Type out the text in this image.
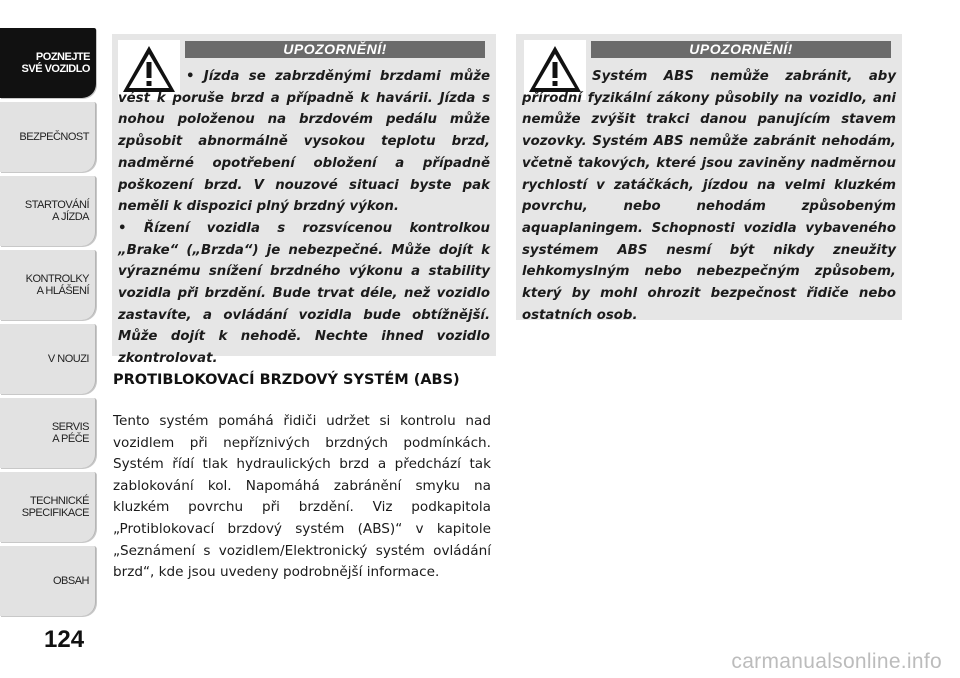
POZNEJTE
SVÉ VOZIDLO
BEZPEČNOST
STARTOVÁNÍ
A JÍZDA
KONTROLKY
A HLÁŠENÍ
V NOUZI
SERVIS
A PÉČE
TECHNICKÉ
SPECIFIKACE
OBSAH
124
UPOZORNĚNÍ!

• Jízda se zabrzděnými brzdami může vést k poruše brzd a případně k havárii. Jízda s nohou položenou na brzdovém pedálu může způsobit abnormálně vysokou teplotu brzd, nadměrné opotřebení obložení a případně poškození brzd. V nouzové situaci byste pak neměli k dispozici plný brzdný výkon.

• Řízení vozidla s rozsvícenou kontrolkou „Brake“ („Brzda“) je nebezpečné. Může dojít k výraznému snížení brzdného výkonu a stability vozidla při brzdění. Bude trvat déle, než vozidlo zastavíte, a ovládání vozidla bude obtížnější. Může dojít k nehodě. Nechte ihned vozidlo zkontrolovat.

PROTIBLOKOVACÍ BRZDOVÝ SYSTÉM (ABS)

Tento systém pomáhá řidiči udržet si kontrolu nad vozidlem při nepříznivých brzdných podmínkách. Systém řídí tlak hydraulických brzd a předchází tak zablokování kol. Napomáhá zabránění smyku na kluzkém povrchu při brzdění. Viz podkapitola „Protiblokovací brzdový systém (ABS)“ v kapitole „Seznámení s vozidlem/Elektronický systém ovládání brzd“, kde jsou uvedeny podrobnější informace.

UPOZORNĚNÍ!

Systém ABS nemůže zabránit, aby přírodní fyzikální zákony působily na vozidlo, ani nemůže zvýšit trakci danou panujícím stavem vozovky. Systém ABS nemůže zabránit nehodám, včetně takových, které jsou zaviněny nadměrnou rychlostí v zatáčkách, jízdou na velmi kluzkém povrchu, nebo nehodám způsobeným aquaplaningem. Schopnosti vozidla vybaveného systémem ABS nesmí být nikdy zneužity lehkomyslným nebo nebezpečným způsobem, který by mohl ohrozit bezpečnost řidiče nebo ostatních osob.

carmanualsonline.info
